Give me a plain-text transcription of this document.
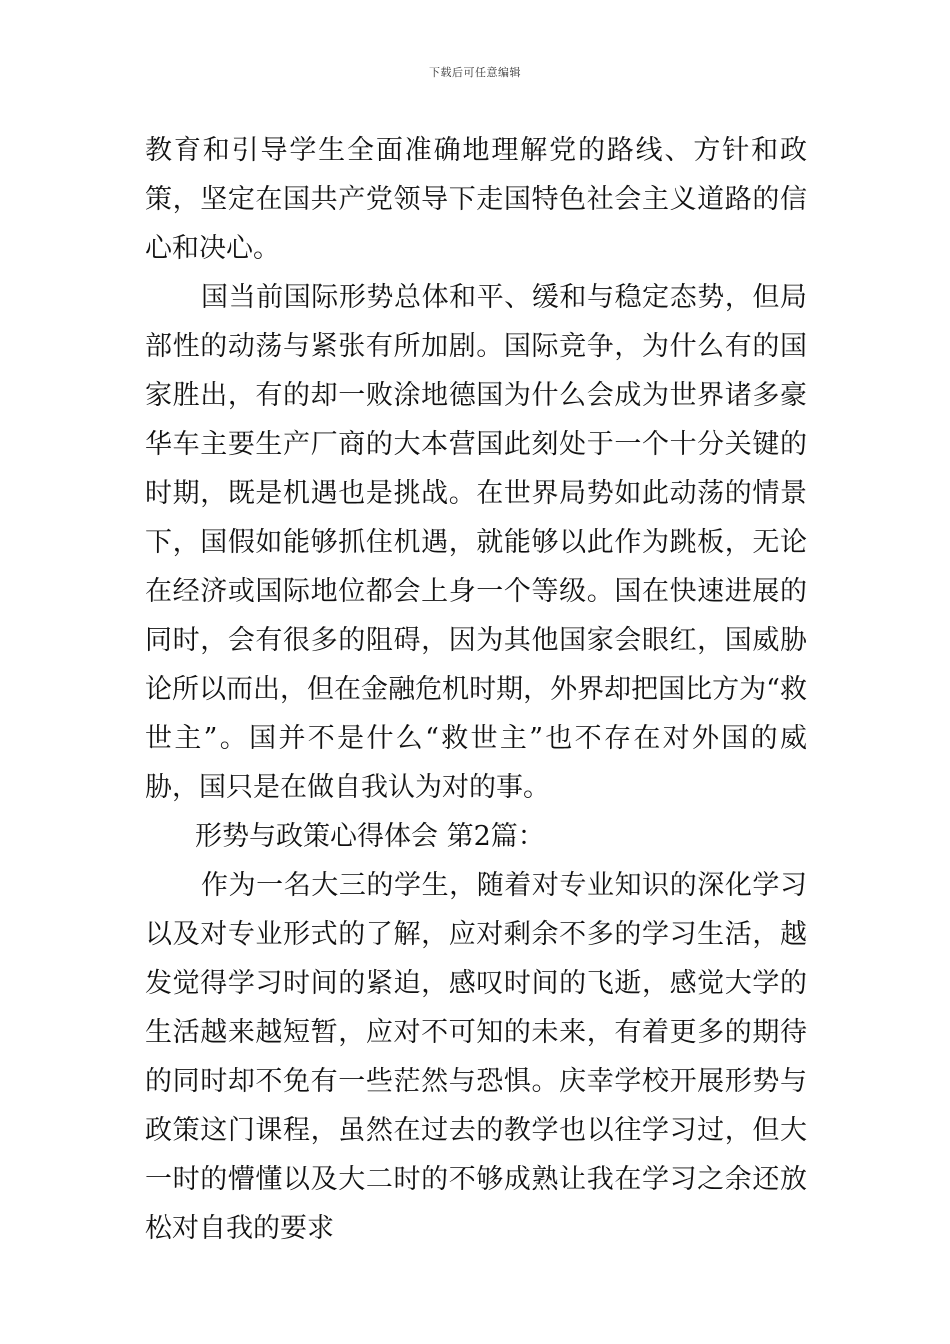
下载后可任意编辑

教育和引导学生全面准确地理解党的路线、方针和政策，坚定在国共产党领导下走国特色社会主义道路的信心和决心。

国当前国际形势总体和平、缓和与稳定态势，但局部性的动荡与紧张有所加剧。国际竞争，为什么有的国家胜出，有的却一败涂地德国为什么会成为世界诸多豪华车主要生产厂商的大本营国此刻处于一个十分关键的时期，既是机遇也是挑战。在世界局势如此动荡的情景下，国假如能够抓住机遇，就能够以此作为跳板，无论在经济或国际地位都会上身一个等级。国在快速进展的同时，会有很多的阻碍，因为其他国家会眼红，国威胁论所以而出，但在金融危机时期，外界却把国比方为“救世主”。国并不是什么“救世主”也不存在对外国的威胁，国只是在做自我认为对的事。

形势与政策心得体会 第2篇：

作为一名大三的学生，随着对专业知识的深化学习以及对专业形式的了解，应对剩余不多的学习生活，越发觉得学习时间的紧迫，感叹时间的飞逝，感觉大学的生活越来越短暂，应对不可知的未来，有着更多的期待的同时却不免有一些茫然与恐惧。庆幸学校开展形势与政策这门课程，虽然在过去的教学也以往学习过，但大一时的懵懂以及大二时的不够成熟让我在学习之余还放松对自我的要求
